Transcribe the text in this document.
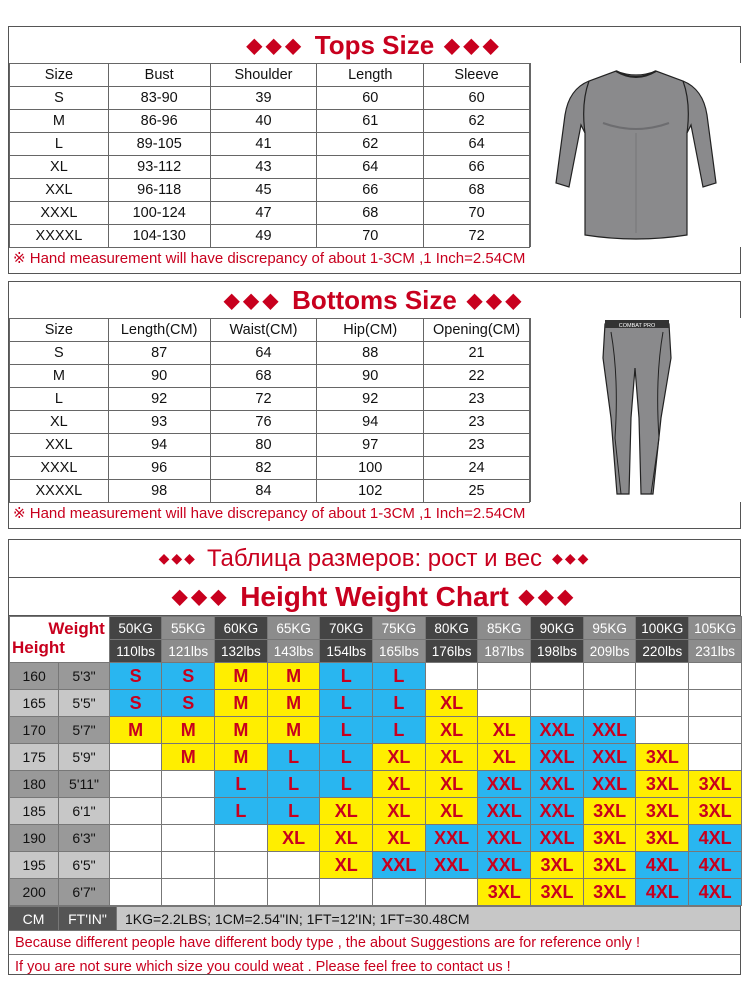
◆◆◆ Tops Size ◆◆◆
Size	Bust	Shoulder	Length	Sleeve
S	83-90	39	60	60
M	86-96	40	61	62
L	89-105	41	62	64
XL	93-112	43	64	66
XXL	96-118	45	66	68
XXXL	100-124	47	68	70
XXXXL	104-130	49	70	72
※ Hand measurement will have discrepancy of about 1-3CM ,1 Inch=2.54CM
◆◆◆ Bottoms Size ◆◆◆
Size	Length(CM)	Waist(CM)	Hip(CM)	Opening(CM)
S	87	64	88	21
M	90	68	90	22
L	92	72	92	23
XL	93	76	94	23
XXL	94	80	97	23
XXXL	96	82	100	24
XXXXL	98	84	102	25
COMBAT PRO
※ Hand measurement will have discrepancy of about 1-3CM ,1 Inch=2.54CM
◆◆◆ Таблица размеров: рост и вес ◆◆◆
◆◆◆ Height Weight Chart ◆◆◆
Weight
Height		50KG	55KG	60KG	65KG	70KG	75KG	80KG	85KG	90KG	95KG	100KG	105KG
		110lbs	121lbs	132lbs	143lbs	154lbs	165lbs	176lbs	187lbs	198lbs	209lbs	220lbs	231lbs
160	5'3"	S	S	M	M	L	L						
165	5'5"	S	S	M	M	L	L	XL					
170	5'7"	M	M	M	M	L	L	XL	XL	XXL	XXL		
175	5'9"		M	M	L	L	XL	XL	XL	XXL	XXL	3XL	
180	5'11"			L	L	L	XL	XL	XXL	XXL	XXL	3XL	3XL
185	6'1"			L	L	XL	XL	XL	XXL	XXL	3XL	3XL	3XL
190	6'3"				XL	XL	XL	XXL	XXL	XXL	3XL	3XL	4XL
195	6'5"					XL	XXL	XXL	XXL	3XL	3XL	4XL	4XL
200	6'7"								3XL	3XL	3XL	4XL	4XL
CM	FT'IN"	1KG=2.2LBS; 1CM=2.54"IN; 1FT=12'IN; 1FT=30.48CM
Because different people have different body type , the about Suggestions are for reference only !
If you are not sure which size you could weat . Please feel free to contact us !
